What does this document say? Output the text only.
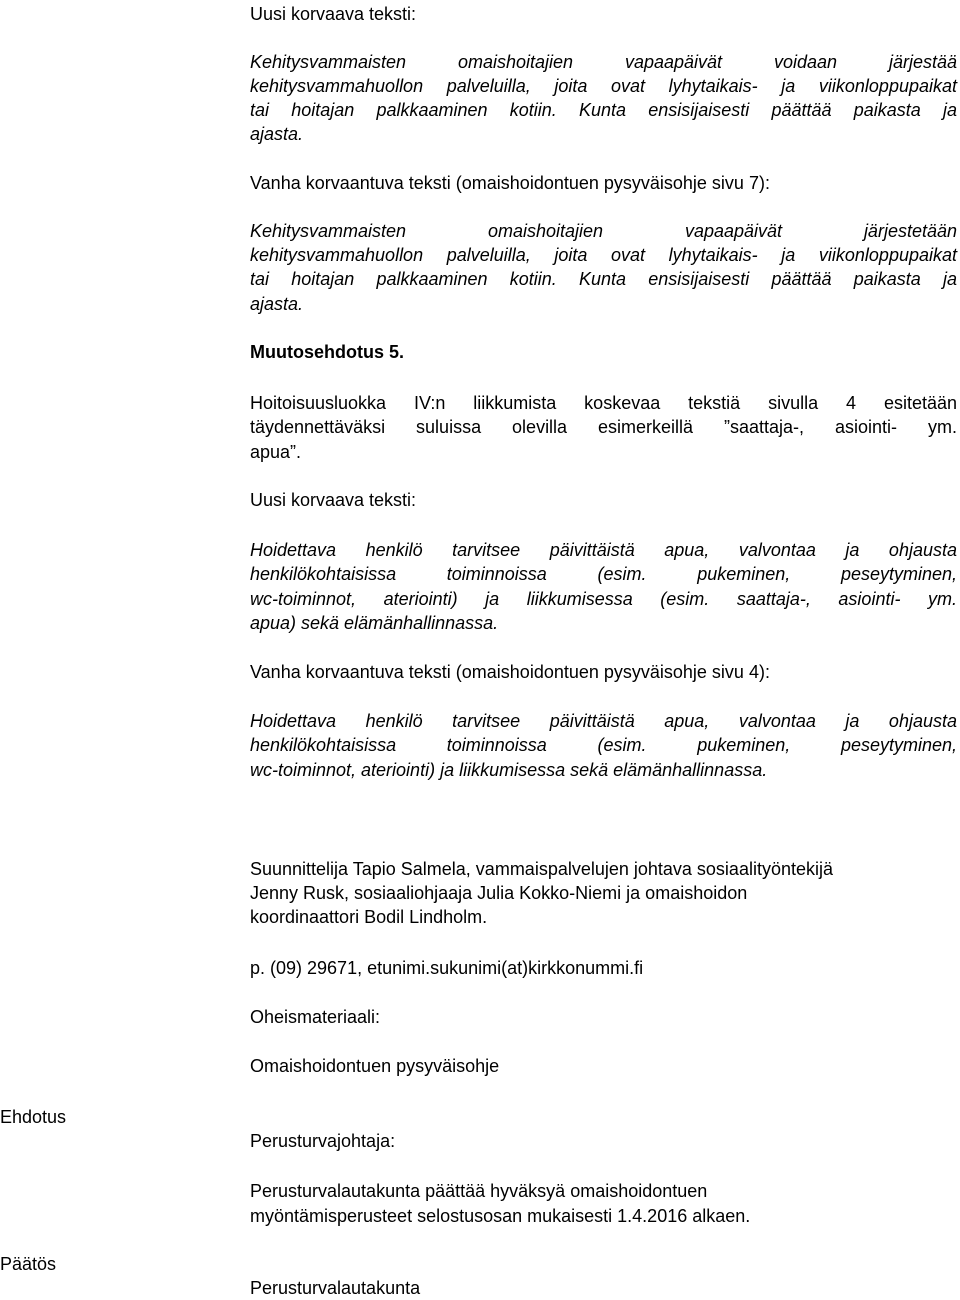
Uusi korvaava teksti:
Kehitysvammaisten omaishoitajien vapaapäivät voidaan järjestää
kehitysvammahuollon palveluilla, joita ovat lyhytaikais- ja viikonloppupaikat
tai hoitajan palkkaaminen kotiin. Kunta ensisijaisesti päättää paikasta ja
ajasta.
Vanha korvaantuva teksti (omaishoidontuen pysyväisohje sivu 7):
Kehitysvammaisten omaishoitajien vapaapäivät järjestetään
kehitysvammahuollon palveluilla, joita ovat lyhytaikais- ja viikonloppupaikat
tai hoitajan palkkaaminen kotiin. Kunta ensisijaisesti päättää paikasta ja
ajasta.
Muutosehdotus 5.
Hoitoisuusluokka IV:n liikkumista koskevaa tekstiä sivulla 4 esitetään
täydennettäväksi suluissa olevilla esimerkeillä ”saattaja-, asiointi- ym.
apua”.
Uusi korvaava teksti:
Hoidettava henkilö tarvitsee päivittäistä apua, valvontaa ja ohjausta
henkilökohtaisissa toiminnoissa (esim. pukeminen, peseytyminen,
wc-toiminnot, ateriointi) ja liikkumisessa (esim. saattaja-, asiointi- ym.
apua) sekä elämänhallinnassa.
Vanha korvaantuva teksti (omaishoidontuen pysyväisohje sivu 4):
Hoidettava henkilö tarvitsee päivittäistä apua, valvontaa ja ohjausta
henkilökohtaisissa toiminnoissa (esim. pukeminen, peseytyminen,
wc-toiminnot, ateriointi) ja liikkumisessa sekä elämänhallinnassa.
Suunnittelija Tapio Salmela, vammaispalvelujen johtava sosiaalityöntekijä
Jenny Rusk, sosiaaliohjaaja Julia Kokko-Niemi ja omaishoidon
koordinaattori Bodil Lindholm.
p. (09) 29671, etunimi.sukunimi(at)kirkkonummi.fi
Oheismateriaali:
Omaishoidontuen pysyväisohje
Ehdotus
Perusturvajohtaja:
Perusturvalautakunta päättää hyväksyä omaishoidontuen
myöntämisperusteet selostusosan mukaisesti 1.4.2016 alkaen.
Päätös
Perusturvalautakunta
